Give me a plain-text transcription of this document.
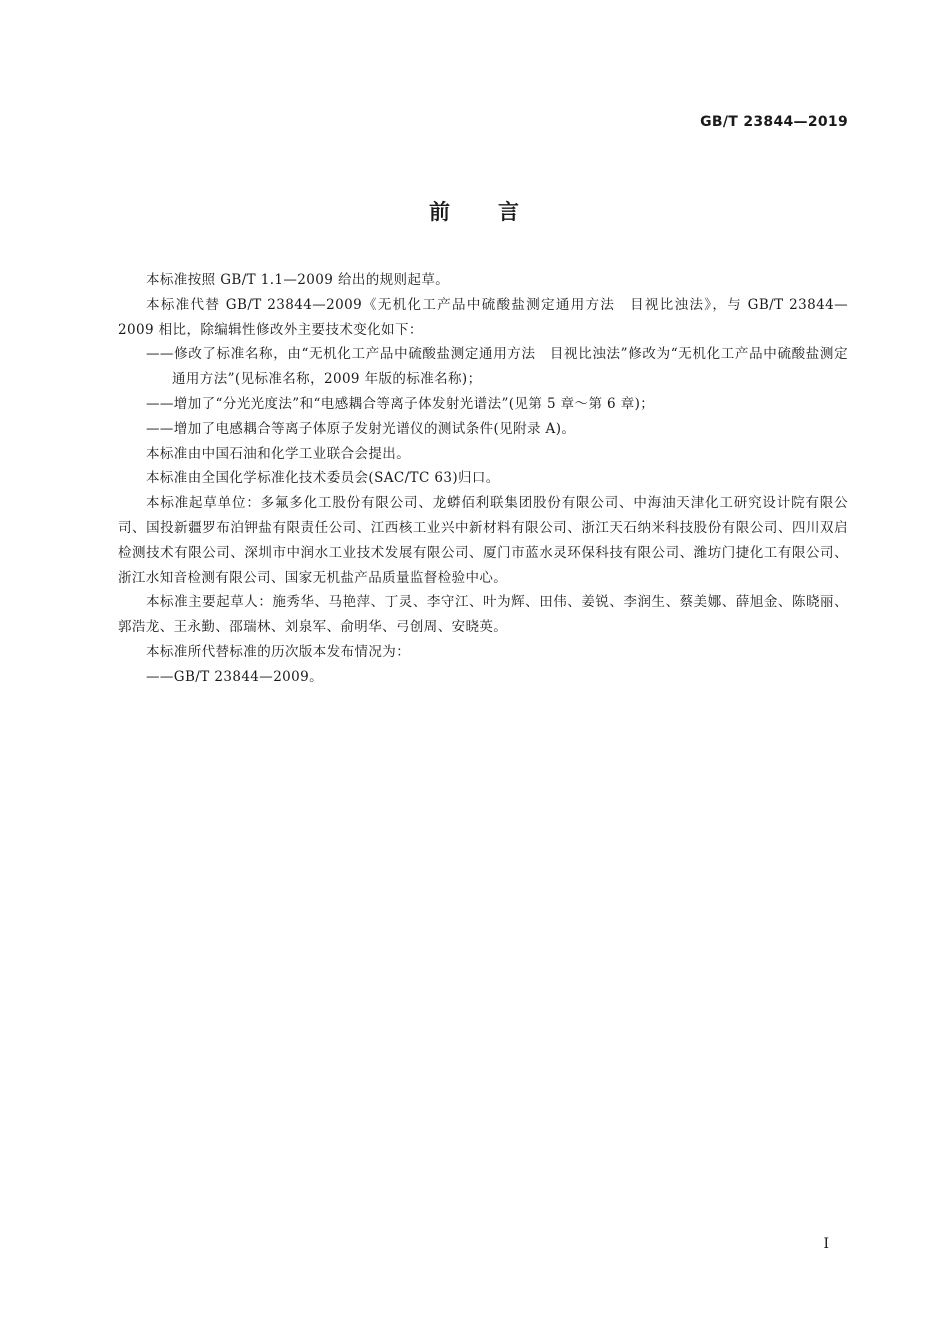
GB/T 23844—2019
前 言

本标准按照 GB/T 1.1—2009 给出的规则起草。

本标准代替 GB/T 23844—2009《无机化工产品中硫酸盐测定通用方法　目视比浊法》，与 GB/T 23844—2009 相比，除编辑性修改外主要技术变化如下：

——修改了标准名称，由“无机化工产品中硫酸盐测定通用方法　目视比浊法”修改为“无机化工产品中硫酸盐测定通用方法”(见标准名称，2009 年版的标准名称)；

——增加了“分光光度法”和“电感耦合等离子体发射光谱法”(见第 5 章～第 6 章)；

——增加了电感耦合等离子体原子发射光谱仪的测试条件(见附录 A)。

本标准由中国石油和化学工业联合会提出。

本标准由全国化学标准化技术委员会(SAC/TC 63)归口。

本标准起草单位：多氟多化工股份有限公司、龙蟒佰利联集团股份有限公司、中海油天津化工研究设计院有限公司、国投新疆罗布泊钾盐有限责任公司、江西核工业兴中新材料有限公司、浙江天石纳米科技股份有限公司、四川双启检测技术有限公司、深圳市中润水工业技术发展有限公司、厦门市蓝水灵环保科技有限公司、潍坊门捷化工有限公司、浙江水知音检测有限公司、国家无机盐产品质量监督检验中心。

本标准主要起草人：施秀华、马艳萍、丁灵、李守江、叶为辉、田伟、姜锐、李润生、蔡美娜、薛旭金、陈晓丽、郭浩龙、王永勤、邵瑞林、刘泉军、俞明华、弓创周、安晓英。

本标准所代替标准的历次版本发布情况为：

——GB/T 23844—2009。

I
